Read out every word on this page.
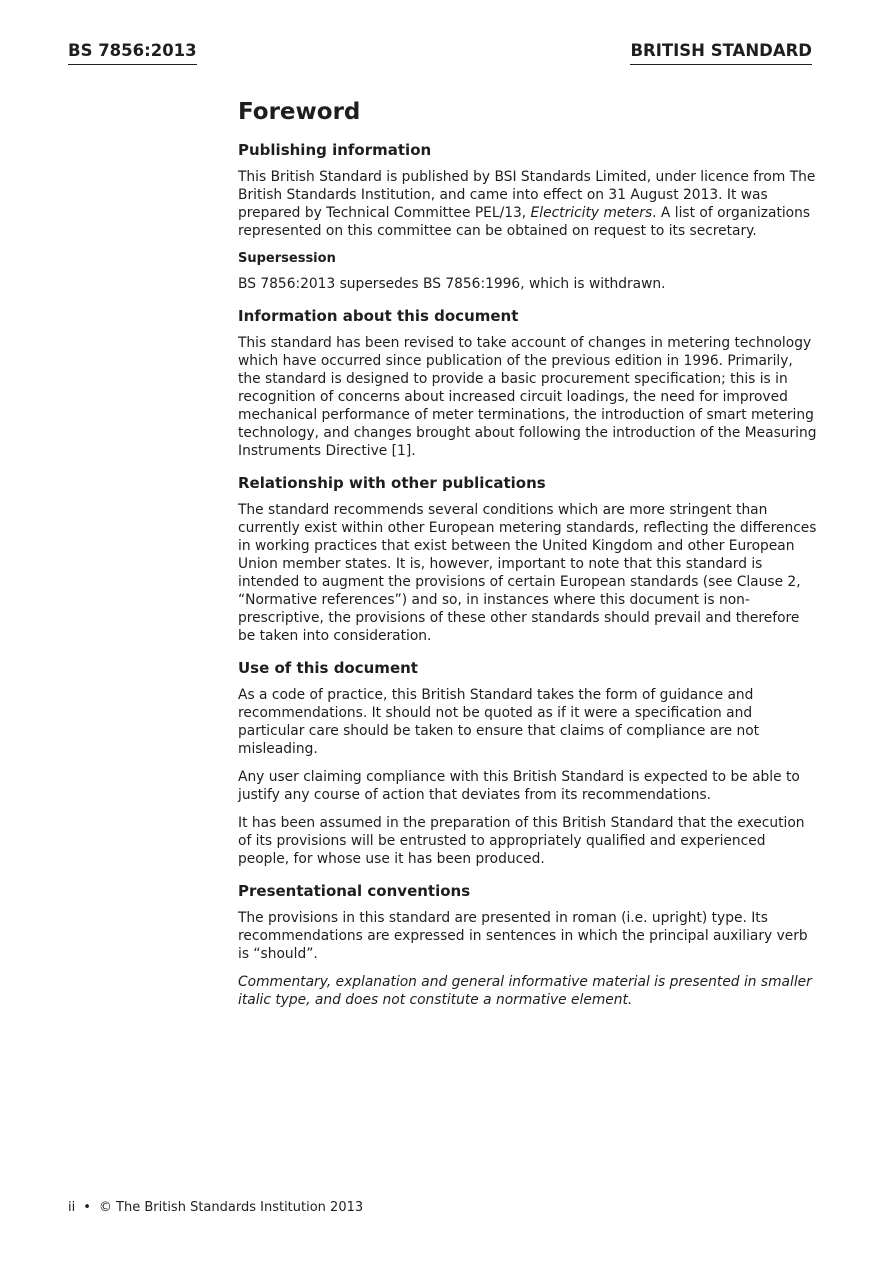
BS 7856:2013	BRITISH STANDARD
Foreword
Publishing information
This British Standard is published by BSI Standards Limited, under licence from The British Standards Institution, and came into effect on 31 August 2013. It was prepared by Technical Committee PEL/13, Electricity meters. A list of organizations represented on this committee can be obtained on request to its secretary.
Supersession
BS 7856:2013 supersedes BS 7856:1996, which is withdrawn.
Information about this document
This standard has been revised to take account of changes in metering technology which have occurred since publication of the previous edition in 1996. Primarily, the standard is designed to provide a basic procurement specification; this is in recognition of concerns about increased circuit loadings, the need for improved mechanical performance of meter terminations, the introduction of smart metering technology, and changes brought about following the introduction of the Measuring Instruments Directive [1].
Relationship with other publications
The standard recommends several conditions which are more stringent than currently exist within other European metering standards, reflecting the differences in working practices that exist between the United Kingdom and other European Union member states. It is, however, important to note that this standard is intended to augment the provisions of certain European standards (see Clause 2, “Normative references”) and so, in instances where this document is non-prescriptive, the provisions of these other standards should prevail and therefore be taken into consideration.
Use of this document
As a code of practice, this British Standard takes the form of guidance and recommendations. It should not be quoted as if it were a specification and particular care should be taken to ensure that claims of compliance are not misleading.
Any user claiming compliance with this British Standard is expected to be able to justify any course of action that deviates from its recommendations.
It has been assumed in the preparation of this British Standard that the execution of its provisions will be entrusted to appropriately qualified and experienced people, for whose use it has been produced.
Presentational conventions
The provisions in this standard are presented in roman (i.e. upright) type. Its recommendations are expressed in sentences in which the principal auxiliary verb is “should”.
Commentary, explanation and general informative material is presented in smaller italic type, and does not constitute a normative element.
ii • © The British Standards Institution 2013
